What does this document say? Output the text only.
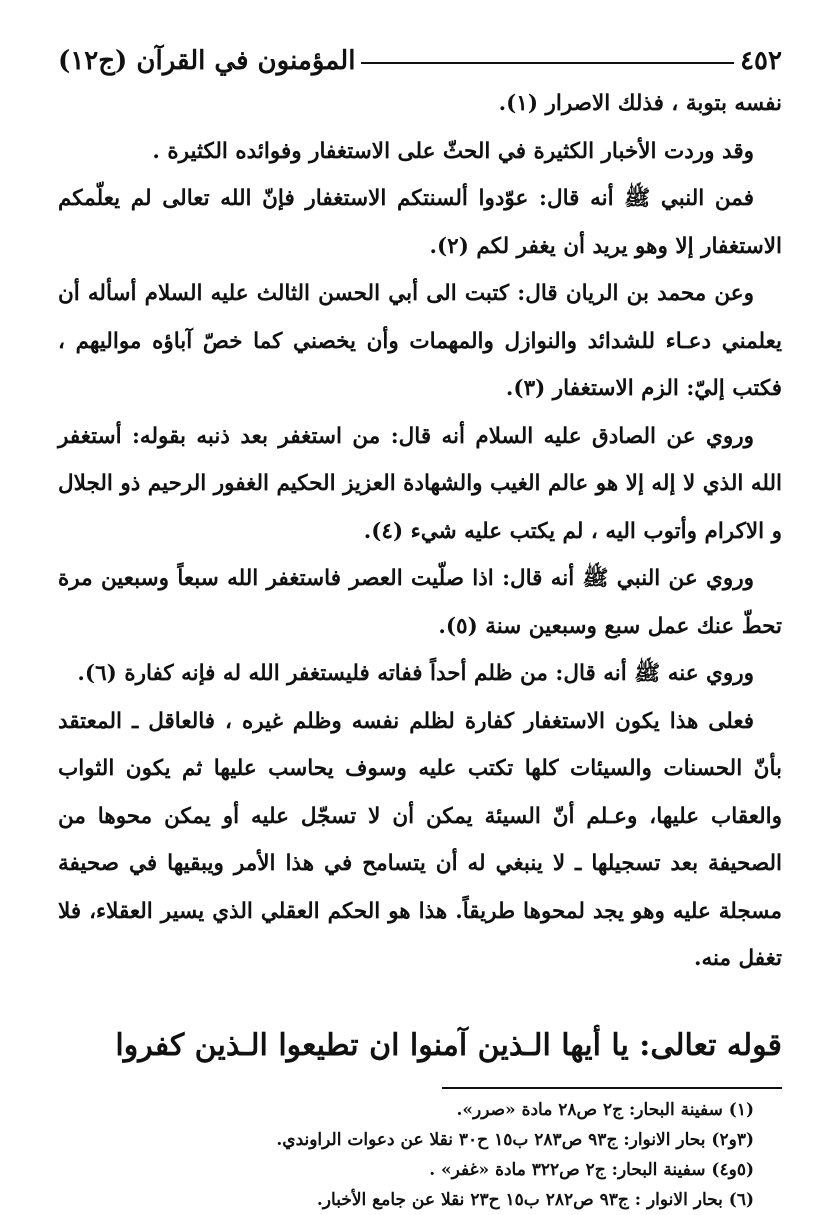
٤٥٢
المؤمنون في القرآن (ج١٢)

نفسه بتوبة ، فذلك الاصرار (١).

وقد وردت الأخبار الكثيرة في الحثّ على الاستغفار وفوائده الكثيرة .

فمن النبي ﷺ أنه قال: عوّدوا ألسنتكم الاستغفار فإنّ الله تعالى لم يعلّمكم الاستغفار إلا وهو يريد أن يغفر لكم (٢).

وعن محمد بن الريان قال: كتبت الى أبي الحسن الثالث عليه السلام أسأله أن يعلمني دعـاء للشدائد والنوازل والمهمات وأن يخصني كما خصّ آباؤه مواليهم ، فكتب إليّ: الزم الاستغفار (٣).

وروي عن الصادق عليه السلام أنه قال: من استغفر بعد ذنبه بقوله: أستغفر الله الذي لا إله إلا هو عالم الغيب والشهادة العزيز الحكيم الغفور الرحيم ذو الجلال و الاكرام وأتوب اليه ، لم يكتب عليه شيء (٤).

وروي عن النبي ﷺ أنه قال: اذا صلّيت العصر فاستغفر الله سبعاً وسبعين مرة تحطّ عنك عمل سبع وسبعين سنة (٥).

وروي عنه ﷺ أنه قال: من ظلم أحداً ففاته فليستغفر الله له فإنه كفارة (٦).

فعلى هذا يكون الاستغفار كفارة لظلم نفسه وظلم غيره ، فالعاقل ـ المعتقد بأنّ الحسنات والسيئات كلها تكتب عليه وسوف يحاسب عليها ثم يكون الثواب والعقاب عليها، وعـلم أنّ السيئة يمكن أن لا تسجّل عليه أو يمكن محوها من الصحيفة بعد تسجيلها ـ لا ينبغي له أن يتسامح في هذا الأمر ويبقيها في صحيفة مسجلة عليه وهو يجد لمحوها طريقاً. هذا هو الحكم العقلي الذي يسير العقلاء، فلا تغفل منه.

قوله تعالى: يا أيها الـذين آمنوا ان تطيعوا الـذين كفروا

(١) سفينة البحار: ج٢ ص٢٨ مادة «صرر».

(٣و٢) بحار الانوار: ج٩٣ ص٢٨٣ ب١٥ ح٣٠ نقلا عن دعوات الراوندي.

(٥و٤) سفينة البحار: ج٢ ص٣٢٢ مادة «غفر» .

(٦) بحار الانوار : ج٩٣ ص٢٨٢ ب١٥ ح٢٣ نقلا عن جامع الأخبار.
